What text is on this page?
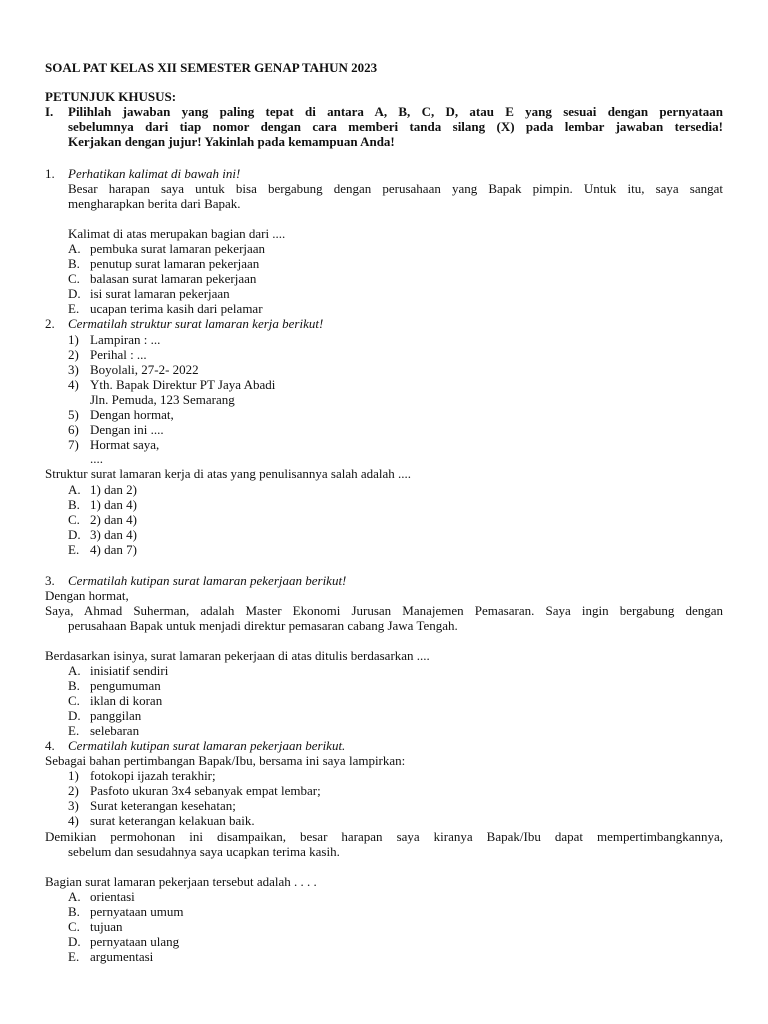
SOAL PAT KELAS XII SEMESTER GENAP TAHUN 2023
PETUNJUK KHUSUS:
I. Pilihlah jawaban yang paling tepat di antara A, B, C, D, atau E yang sesuai dengan pernyataan
sebelumnya dari tiap nomor dengan cara memberi tanda silang (X) pada lembar jawaban tersedia!
Kerjakan dengan jujur! Yakinlah pada kemampuan Anda!
1. Perhatikan kalimat di bawah ini!
Besar harapan saya untuk bisa bergabung dengan perusahaan yang Bapak pimpin. Untuk itu, saya sangat
mengharapkan berita dari Bapak.
Kalimat di atas merupakan bagian dari ....
A. pembuka surat lamaran pekerjaan
B. penutup surat lamaran pekerjaan
C. balasan surat lamaran pekerjaan
D. isi surat lamaran pekerjaan
E. ucapan terima kasih dari pelamar
2. Cermatilah struktur surat lamaran kerja berikut!
1) Lampiran : ...
2) Perihal : ...
3) Boyolali, 27-2- 2022
4) Yth. Bapak Direktur PT Jaya Abadi
Jln. Pemuda, 123 Semarang
5) Dengan hormat,
6) Dengan ini ....
7) Hormat saya,
....
Struktur surat lamaran kerja di atas yang penulisannya salah adalah ....
A. 1) dan 2)
B. 1) dan 4)
C. 2) dan 4)
D. 3) dan 4)
E. 4) dan 7)
3. Cermatilah kutipan surat lamaran pekerjaan berikut!
Dengan hormat,
Saya, Ahmad Suherman, adalah Master Ekonomi Jurusan Manajemen Pemasaran. Saya ingin bergabung dengan
perusahaan Bapak untuk menjadi direktur pemasaran cabang Jawa Tengah.
Berdasarkan isinya, surat lamaran pekerjaan di atas ditulis berdasarkan ....
A. inisiatif sendiri
B. pengumuman
C. iklan di koran
D. panggilan
E. selebaran
4. Cermatilah kutipan surat lamaran pekerjaan berikut.
Sebagai bahan pertimbangan Bapak/Ibu, bersama ini saya lampirkan:
1) fotokopi ijazah terakhir;
2) Pasfoto ukuran 3x4 sebanyak empat lembar;
3) Surat keterangan kesehatan;
4) surat keterangan kelakuan baik.
Demikian permohonan ini disampaikan, besar harapan saya kiranya Bapak/Ibu dapat mempertimbangkannya,
sebelum dan sesudahnya saya ucapkan terima kasih.
Bagian surat lamaran pekerjaan tersebut adalah . . . .
A. orientasi
B. pernyataan umum
C. tujuan
D. pernyataan ulang
E. argumentasi
